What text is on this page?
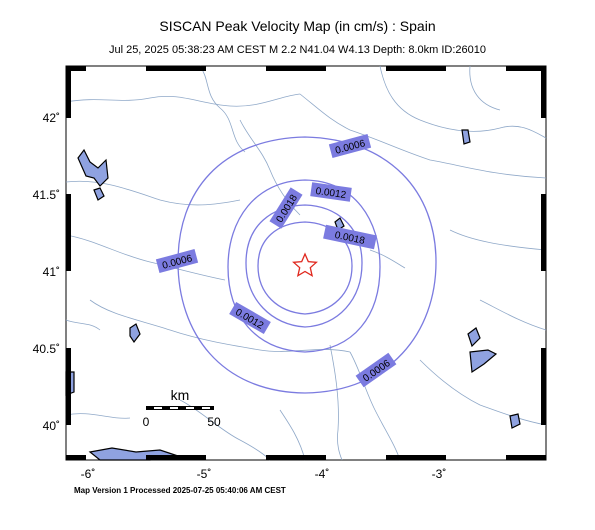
SISCAN Peak Velocity Map (in cm/s) : Spain
Jul 25, 2025 05:38:23 AM CEST M 2.2 N41.04 W4.13 Depth: 8.0km ID:26010
0.0006
0.0012
0.0018
0.0018
0.0006
0.0012
0.0006
km
0	50
42˚
41.5˚
41˚
40.5˚
40˚
-6˚	-5˚	-4˚	-3˚
Map Version 1 Processed 2025-07-25 05:40:06 AM CEST
